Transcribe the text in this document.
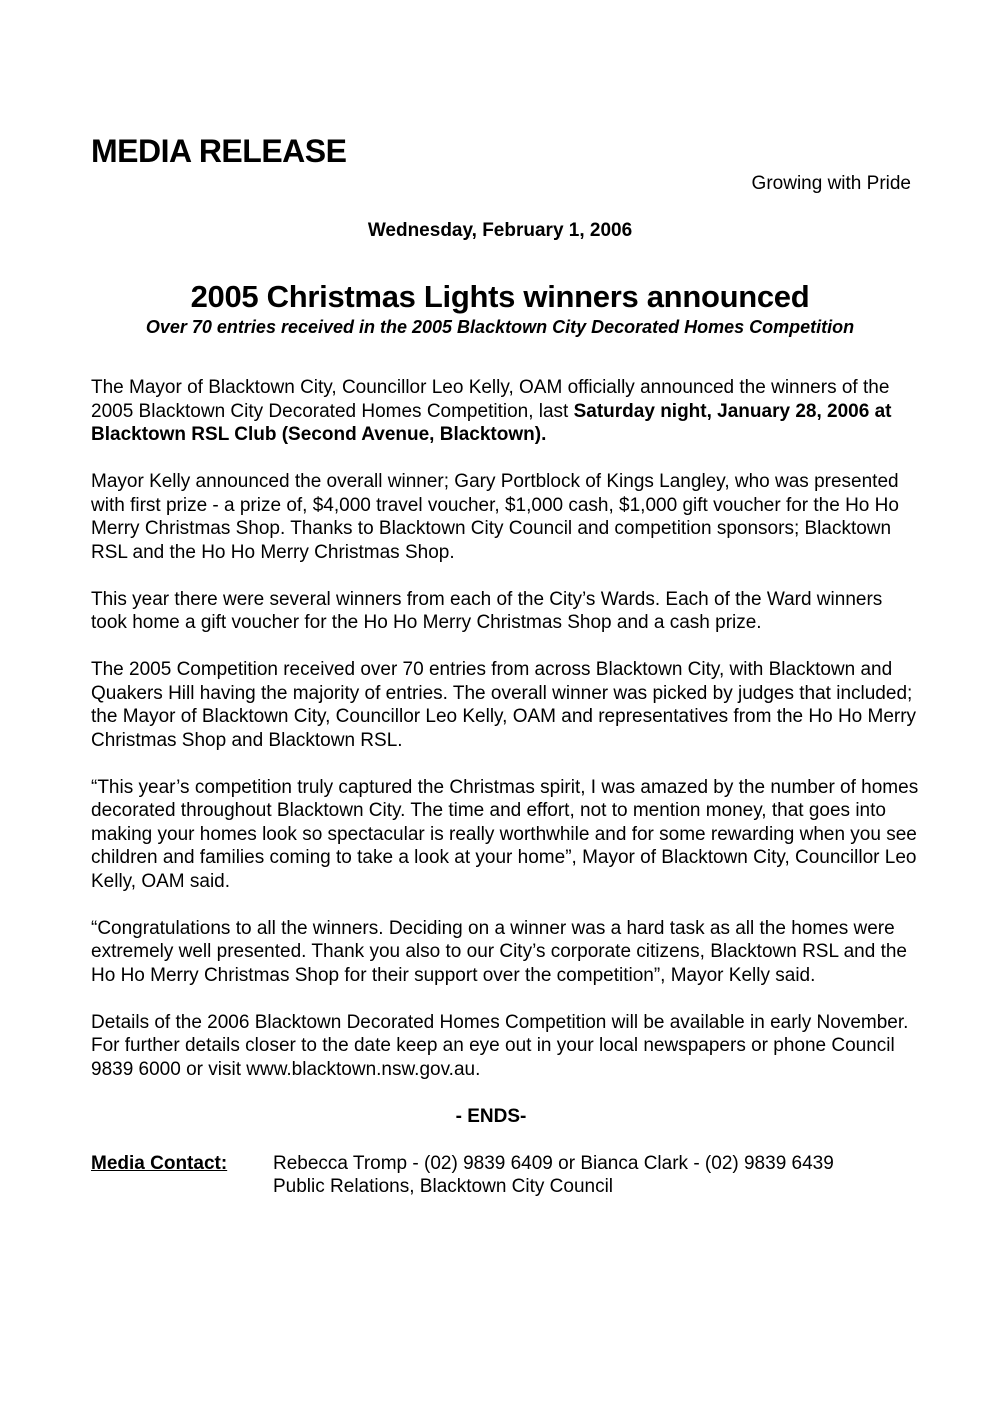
MEDIA RELEASE
Growing with Pride
Wednesday, February 1, 2006
2005 Christmas Lights winners announced
Over 70 entries received in the 2005 Blacktown City Decorated Homes Competition

The Mayor of Blacktown City, Councillor Leo Kelly, OAM officially announced the winners of the 2005 Blacktown City Decorated Homes Competition, last Saturday night, January 28, 2006 at Blacktown RSL Club (Second Avenue, Blacktown).

Mayor Kelly announced the overall winner; Gary Portblock of Kings Langley, who was presented with first prize - a prize of, $4,000 travel voucher, $1,000 cash, $1,000 gift voucher for the Ho Ho Merry Christmas Shop. Thanks to Blacktown City Council and competition sponsors; Blacktown RSL and the Ho Ho Merry Christmas Shop.

This year there were several winners from each of the City’s Wards. Each of the Ward winners took home a gift voucher for the Ho Ho Merry Christmas Shop and a cash prize.

The 2005 Competition received over 70 entries from across Blacktown City, with Blacktown and Quakers Hill having the majority of entries. The overall winner was picked by judges that included; the Mayor of Blacktown City, Councillor Leo Kelly, OAM and representatives from the Ho Ho Merry Christmas Shop and Blacktown RSL.

“This year’s competition truly captured the Christmas spirit, I was amazed by the number of homes decorated throughout Blacktown City. The time and effort, not to mention money, that goes into making your homes look so spectacular is really worthwhile and for some rewarding when you see children and families coming to take a look at your home”, Mayor of Blacktown City, Councillor Leo Kelly, OAM said.

“Congratulations to all the winners. Deciding on a winner was a hard task as all the homes were extremely well presented. Thank you also to our City’s corporate citizens, Blacktown RSL and the Ho Ho Merry Christmas Shop for their support over the competition”, Mayor Kelly said.

Details of the 2006 Blacktown Decorated Homes Competition will be available in early November. For further details closer to the date keep an eye out in your local newspapers or phone Council 9839 6000 or visit www.blacktown.nsw.gov.au.

- ENDS-
Media Contact:	Rebecca Tromp - (02) 9839 6409 or Bianca Clark - (02) 9839 6439
Public Relations, Blacktown City Council
